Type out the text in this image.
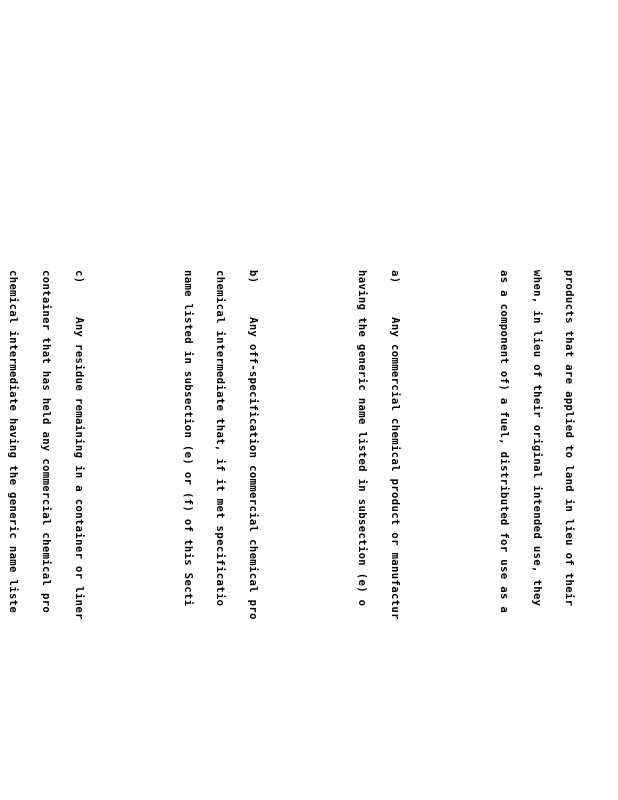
products that are applied to land in lieu of their

when, in lieu of their original intended use, they

as a component of) a fuel, distributed for use as a

a)     Any commercial chemical product or manufactur

having the generic name listed in subsection (e) o

b)     Any off-specification commercial chemical pro

chemical intermediate that, if it met specificatio

name listed in subsection (e) or (f) of this Secti

c)     Any residue remaining in a container or liner

container that has held any commercial chemical pro

chemical intermediate having the generic name liste
